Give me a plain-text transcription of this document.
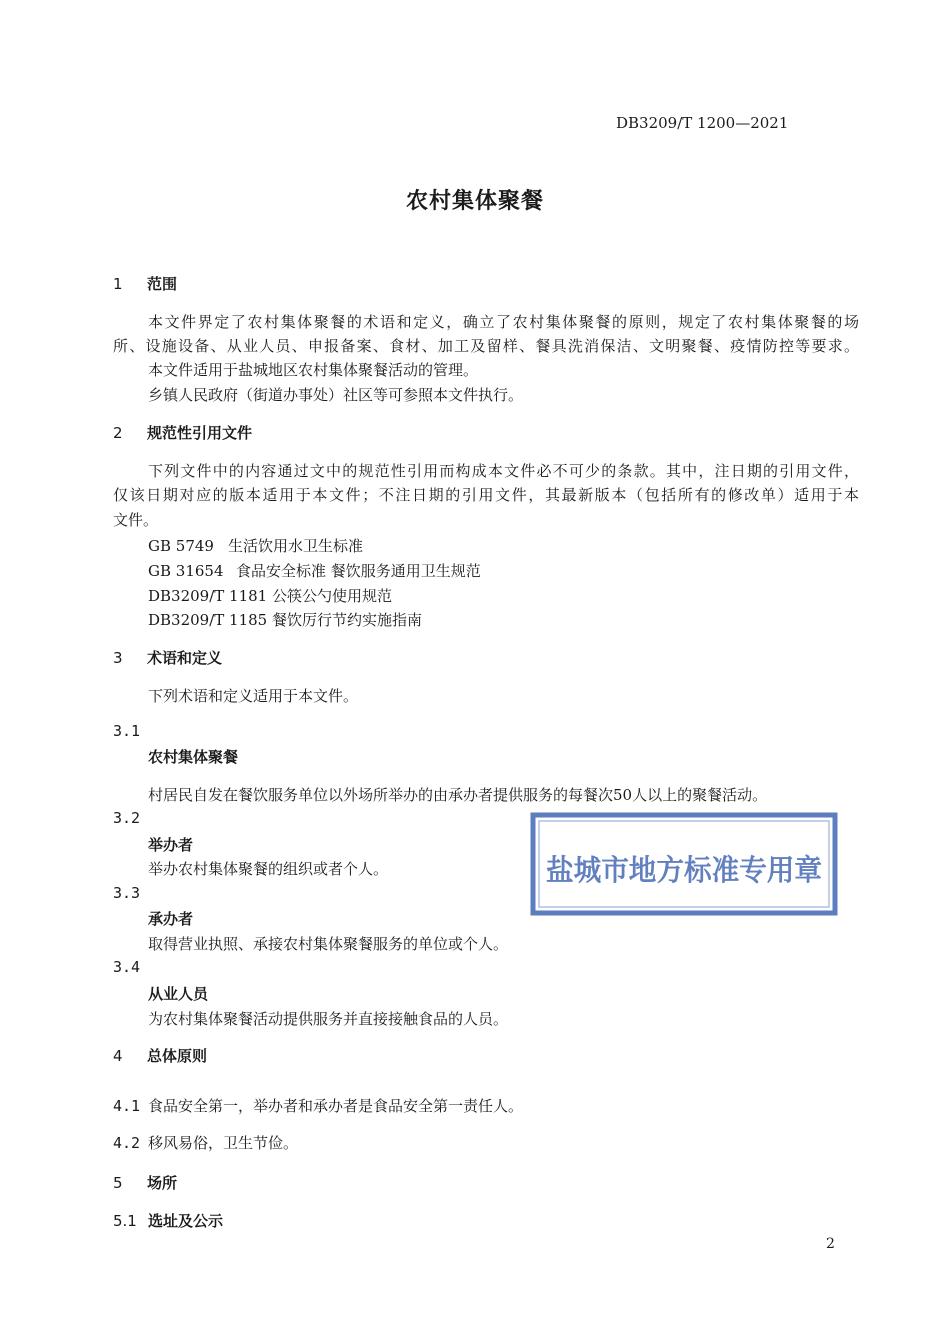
DB3209/T 1200—2021
农村集体聚餐
1 范围
本文件界定了农村集体聚餐的术语和定义，确立了农村集体聚餐的原则，规定了农村集体聚餐的场
所、设施设备、从业人员、申报备案、食材、加工及留样、餐具洗消保洁、文明聚餐、疫情防控等要求。
本文件适用于盐城地区农村集体聚餐活动的管理。
乡镇人民政府（街道办事处）社区等可参照本文件执行。
2 规范性引用文件
下列文件中的内容通过文中的规范性引用而构成本文件必不可少的条款。其中，注日期的引用文件，
仅该日期对应的版本适用于本文件；不注日期的引用文件，其最新版本（包括所有的修改单）适用于本
文件。
GB 5749 生活饮用水卫生标准
GB 31654 食品安全标准 餐饮服务通用卫生规范
DB3209/T 1181 公筷公勺使用规范
DB3209/T 1185 餐饮厉行节约实施指南
3 术语和定义
下列术语和定义适用于本文件。
3.1
农村集体聚餐
村居民自发在餐饮服务单位以外场所举办的由承办者提供服务的每餐次50人以上的聚餐活动。
3.2
举办者
举办农村集体聚餐的组织或者个人。
3.3
承办者
取得营业执照、承接农村集体聚餐服务的单位或个人。
3.4
从业人员
为农村集体聚餐活动提供服务并直接接触食品的人员。
4 总体原则
4.1 食品安全第一，举办者和承办者是食品安全第一责任人。
4.2 移风易俗，卫生节俭。
5 场所
5.1 选址及公示
盐城市地方标准专用章
2
